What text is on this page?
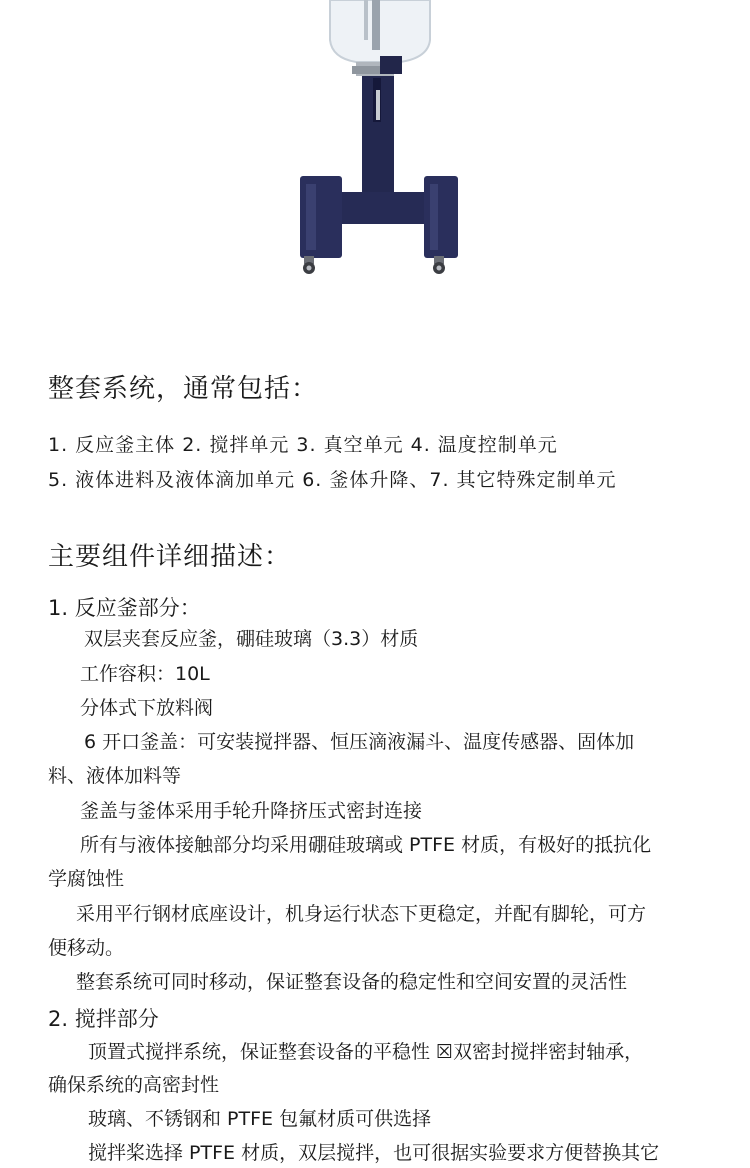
整套系统，通常包括：
1. 反应釜主体 2. 搅拌单元 3. 真空单元 4. 温度控制单元
5. 液体进料及液体滴加单元 6. 釜体升降、7. 其它特殊定制单元
主要组件详细描述：
1. 反应釜部分：
双层夹套反应釜，硼硅玻璃（3.3）材质
工作容积：10L
分体式下放料阀
6 开口釜盖：可安装搅拌器、恒压滴液漏斗、温度传感器、固体加
料、液体加料等
釜盖与釜体采用手轮升降挤压式密封连接
所有与液体接触部分均采用硼硅玻璃或 PTFE 材质，有极好的抵抗化
学腐蚀性
采用平行钢材底座设计，机身运行状态下更稳定，并配有脚轮，可方
便移动。
整套系统可同时移动，保证整套设备的稳定性和空间安置的灵活性
2. 搅拌部分
顶置式搅拌系统，保证整套设备的平稳性 ☒双密封搅拌密封轴承，
确保系统的高密封性
玻璃、不锈钢和 PTFE 包氟材质可供选择
搅拌桨选择 PTFE 材质，双层搅拌，也可很据实验要求方便替换其它
